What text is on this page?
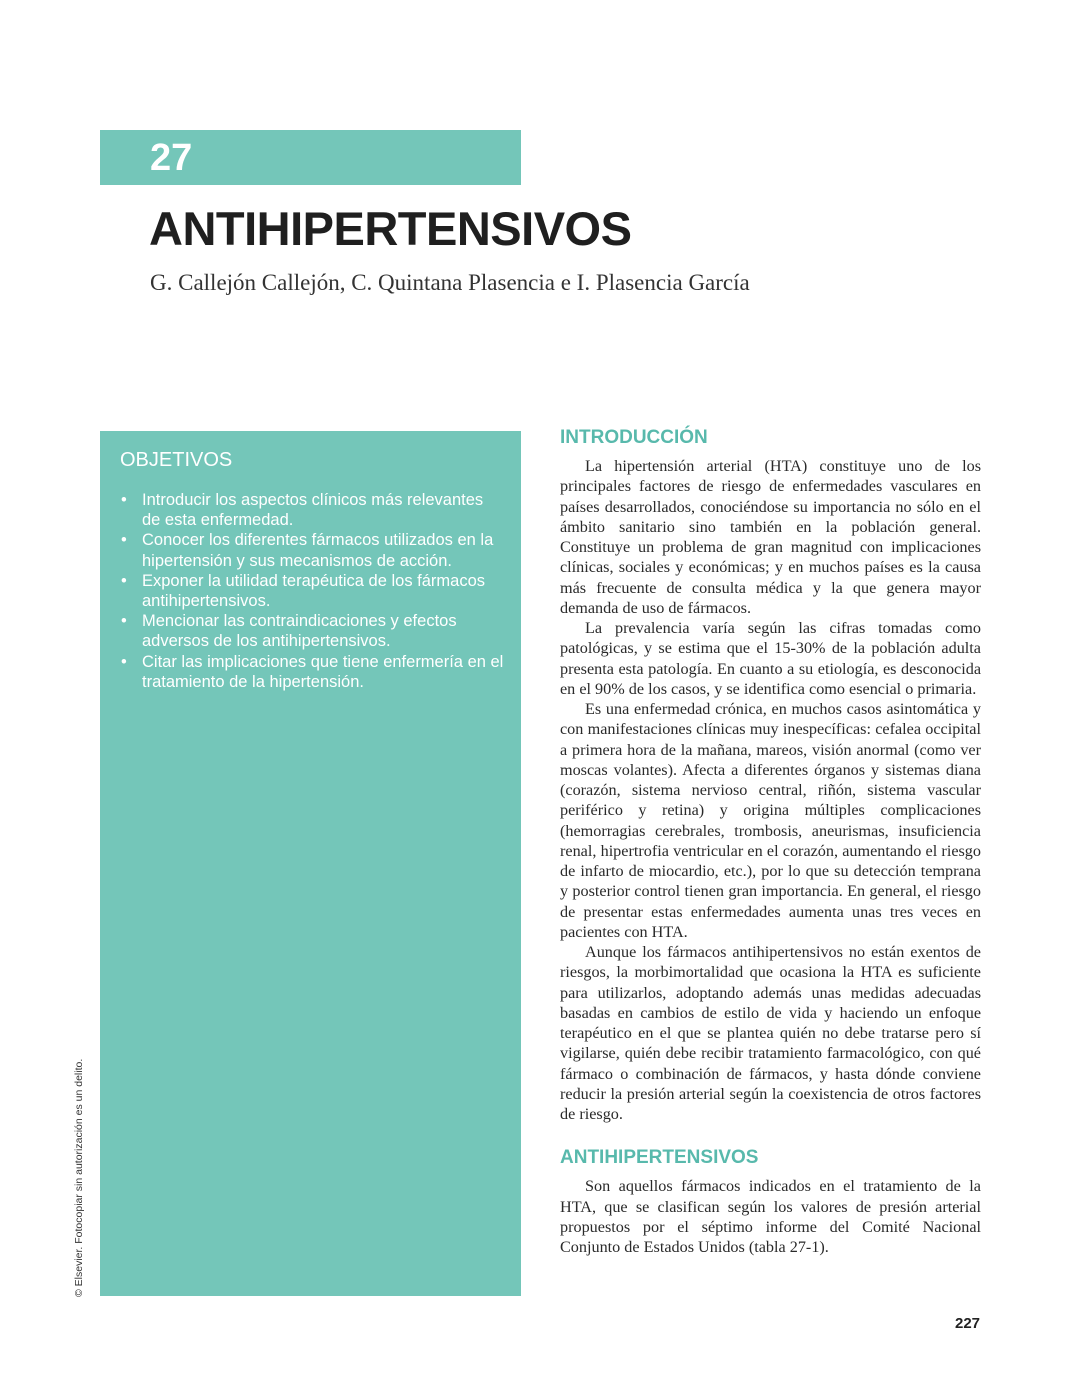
27
ANTIHIPERTENSIVOS
G. Callejón Callejón, C. Quintana Plasencia e I. Plasencia García
OBJETIVOS
• Introducir los aspectos clínicos más relevantes de esta enfermedad.
• Conocer los diferentes fármacos utilizados en la hipertensión y sus mecanismos de acción.
• Exponer la utilidad terapéutica de los fármacos antihipertensivos.
• Mencionar las contraindicaciones y efectos adversos de los antihipertensivos.
• Citar las implicaciones que tiene enfermería en el tratamiento de la hipertensión.
INTRODUCCIÓN

La hipertensión arterial (HTA) constituye uno de los principales factores de riesgo de enfermedades vasculares en países desarrollados, conociéndose su importancia no sólo en el ámbito sanitario sino también en la población general. Constituye un problema de gran magnitud con implicaciones clínicas, sociales y económicas; y en muchos países es la causa más frecuente de consulta médica y la que genera mayor demanda de uso de fármacos.

La prevalencia varía según las cifras tomadas como patológicas, y se estima que el 15-30% de la población adulta presenta esta patología. En cuanto a su etiología, es desconocida en el 90% de los casos, y se identifica como esencial o primaria.

Es una enfermedad crónica, en muchos casos asintomática y con manifestaciones clínicas muy inespecíficas: cefalea occipital a primera hora de la mañana, mareos, visión anormal (como ver moscas volantes). Afecta a diferentes órganos y sistemas diana (corazón, sistema nervioso central, riñón, sistema vascular periférico y retina) y origina múltiples complicaciones (hemorragias cerebrales, trombosis, aneurismas, insuficiencia renal, hipertrofia ventricular en el corazón, aumentando el riesgo de infarto de miocardio, etc.), por lo que su detección temprana y posterior control tienen gran importancia. En general, el riesgo de presentar estas enfermedades aumenta unas tres veces en pacientes con HTA.

Aunque los fármacos antihipertensivos no están exentos de riesgos, la morbimortalidad que ocasiona la HTA es suficiente para utilizarlos, adoptando además unas medidas adecuadas basadas en cambios de estilo de vida y haciendo un enfoque terapéutico en el que se plantea quién no debe tratarse pero sí vigilarse, quién debe recibir tratamiento farmacológico, con qué fármaco o combinación de fármacos, y hasta dónde conviene reducir la presión arterial según la coexistencia de otros factores de riesgo.

ANTIHIPERTENSIVOS

Son aquellos fármacos indicados en el tratamiento de la HTA, que se clasifican según los valores de presión arterial propuestos por el séptimo informe del Comité Nacional Conjunto de Estados Unidos (tabla 27-1).

227
© Elsevier. Fotocopiar sin autorización es un delito.
